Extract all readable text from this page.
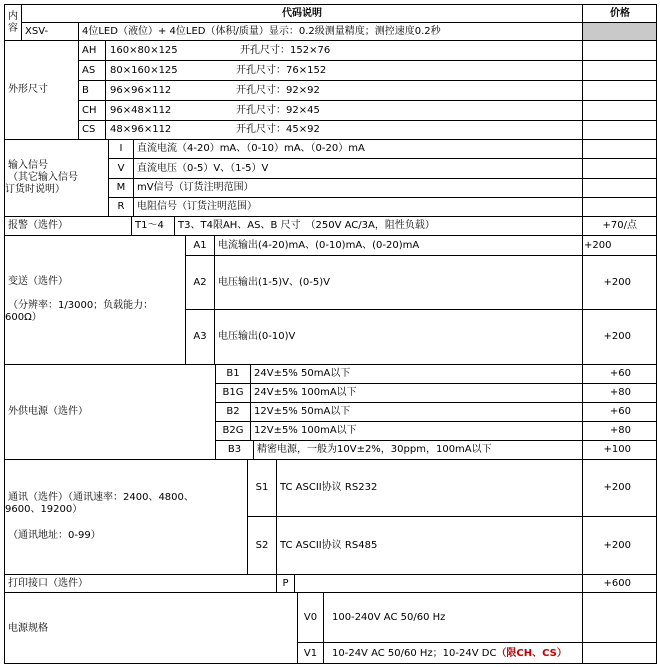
内容
代码说明	价格
XSV-	4位LED（液位）+ 4位LED（体积/质量）显示：0.2级测量精度；测控速度0.2秒
外形尺寸
AH	160×80×125	开孔尺寸： 152×76
AS	80×160×125	开孔尺寸： 76×152
B	96×96×112	开孔尺寸： 92×92
CH	96×48×112	开孔尺寸： 92×45
CS	48×96×112	开孔尺寸： 45×92
输入信号
（其它输入信号
订货时说明）
I	直流电流（4-20）mA、（0-10）mA、（0-20）mA
V	直流电压（0-5）V、（1-5）V
M	mV信号（订货注明范围）
R	电阻信号（订货注明范围）
报警（选件）	T1～4	T3、T4限AH、AS、B 尺寸　（250V AC/3A，阻性负载）	+70/点
变送（选件）
（分辨率：1/3000；负载能力：
600Ω）
A1	电流输出(4-20)mA、(0-10)mA、(0-20)mA	+200
A2	电压输出(1-5)V、(0-5)V	+200
A3	电压输出(0-10)V	+200
外供电源（选件）
B1	24V±5% 50mA以下	+60
B1G	24V±5% 100mA以下	+80
B2	12V±5% 50mA以下	+60
B2G	12V±5% 100mA以下	+80
B3	精密电源，一般为10V±2%，30ppm，100mA以下	+100
通讯（选件）（通讯速率：2400、4800、
9600、19200）
（通讯地址：0-99）
S1	TC ASCII协议 RS232	+200
S2	TC ASCII协议 RS485	+200
打印接口（选件）	P	+600
电源规格
V0	100-240V AC 50/60 Hz
V1	10-24V AC 50/60 Hz；10-24V DC （限CH、CS）
